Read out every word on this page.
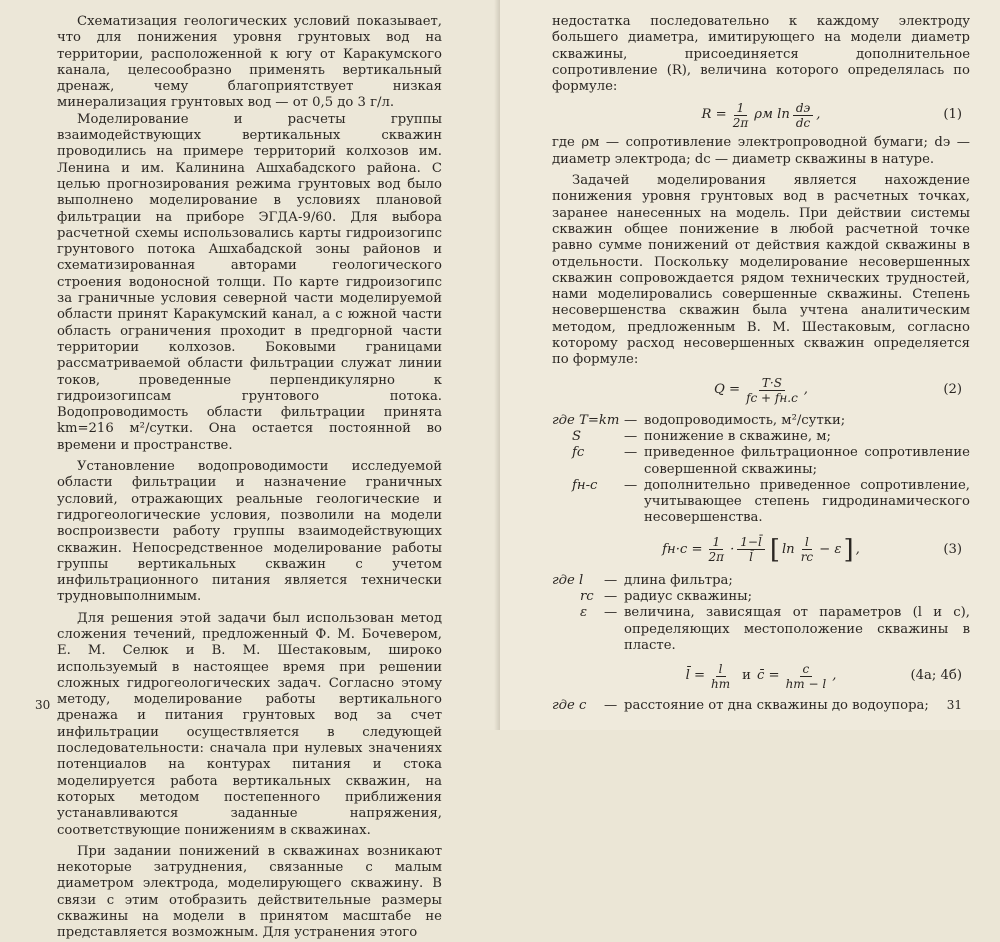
Схематизация геологических условий показывает, что для понижения уровня грунтовых вод на территории, расположенной к югу от Каракумского канала, целесообразно применять вертикальный дренаж, чему благоприятствует низкая минерализация грунтовых вод — от 0,5 до 3 г/л.

Моделирование и расчеты группы взаимодействующих вертикальных скважин проводились на примере территорий колхозов им. Ленина и им. Калинина Ашхабадского района. С целью прогнозирования режима грунтовых вод было выполнено моделирование в условиях плановой фильтрации на приборе ЭГДА-9/60. Для выбора расчетной схемы использовались карты гидроизогипс грунтового потока Ашхабадской зоны районов и схематизированная авторами геологического строения водоносной толщи. По карте гидроизогипс за граничные условия северной части моделируемой области принят Каракумский канал, а с южной части область ограничения проходит в предгорной части территории колхозов. Боковыми границами рассматриваемой области фильтрации служат линии токов, проведенные перпендикулярно к гидроизогипсам грунтового потока. Водопроводимость области фильтрации принята km=216 м²/сутки. Она остается постоянной во времени и пространстве.

Установление водопроводимости исследуемой области фильтрации и назначение граничных условий, отражающих реальные геологические и гидрогеологические условия, позволили на модели воспроизвести работу группы взаимодействующих скважин. Непосредственное моделирование работы группы вертикальных скважин с учетом инфильтрационного питания является технически трудновыполнимым.

Для решения этой задачи был использован метод сложения течений, предложенный Ф. М. Бочевером, Е. М. Селюк и В. М. Шестаковым, широко используемый в настоящее время при решении сложных гидрогеологических задач. Согласно этому методу, моделирование работы вертикального дренажа и питания грунтовых вод за счет инфильтрации осуществляется в следующей последовательности: сначала при нулевых значениях потенциалов на контурах питания и стока моделируется работа вертикальных скважин, на которых методом постепенного приближения устанавливаются заданные напряжения, соответствующие понижениям в скважинах.

При задании понижений в скважинах возникают некоторые затруднения, связанные с малым диаметром электрода, моделирующего скважину. В связи с этим отобразить действительные размеры скважины на модели в принятом масштабе не представляется возможным. Для устранения этого

30

недостатка последовательно к каждому электроду большего диаметра, имитирующего на модели диаметр скважины, присоединяется дополнительное сопротивление (R), величина которого определялась по формуле:

$R = \frac{1}{2\pi}$ ρм $\ln \frac{dэ}{dс}$ ,	(1)

где ρм — сопротивление электропроводной бумаги; dэ — диаметр электрода; dс — диаметр скважины в натуре.

Задачей моделирования является нахождение понижения уровня грунтовых вод в расчетных точках, заранее нанесенных на модель. При действии системы скважин общее понижение в любой расчетной точке равно сумме понижений от действия каждой скважины в отдельности. Поскольку моделирование несовершенных скважин сопровождается рядом технических трудностей, нами моделировались совершенные скважины. Степень несовершенства скважин была учтена аналитическим методом, предложенным В. М. Шестаковым, согласно которому расход несовершенных скважин определяется по формуле:

$Q = \frac{T\cdot S}{fс + fн.с}$ ,	(2)
где T=km — водопроводимость, м²/сутки;
S	— понижение в скважине, м;
fс	— приведенное фильтрационное сопротивление совершенной скважины;
fн-с	— дополнительно приведенное сопротивление, учитывающее степень гидродинамического несовершенства.
$fн\cdot с = \frac{1}{2\pi} \cdot \frac{1-l̄}{l̄}$ [ $\ln \frac{l}{rс} - \varepsilon$ ] ,	(3)
где l	— длина фильтра;
rс — радиус скважины;
ε	— величина, зависящая от параметров (l и c), определяющих местоположение скважины в пласте.
l̄ = $\frac{l}{hm}$ и c̄ = $\frac{c}{hm - l}$ ,	(4а; 4б)
где c	— расстояние от дна скважины до водоупора;	31
